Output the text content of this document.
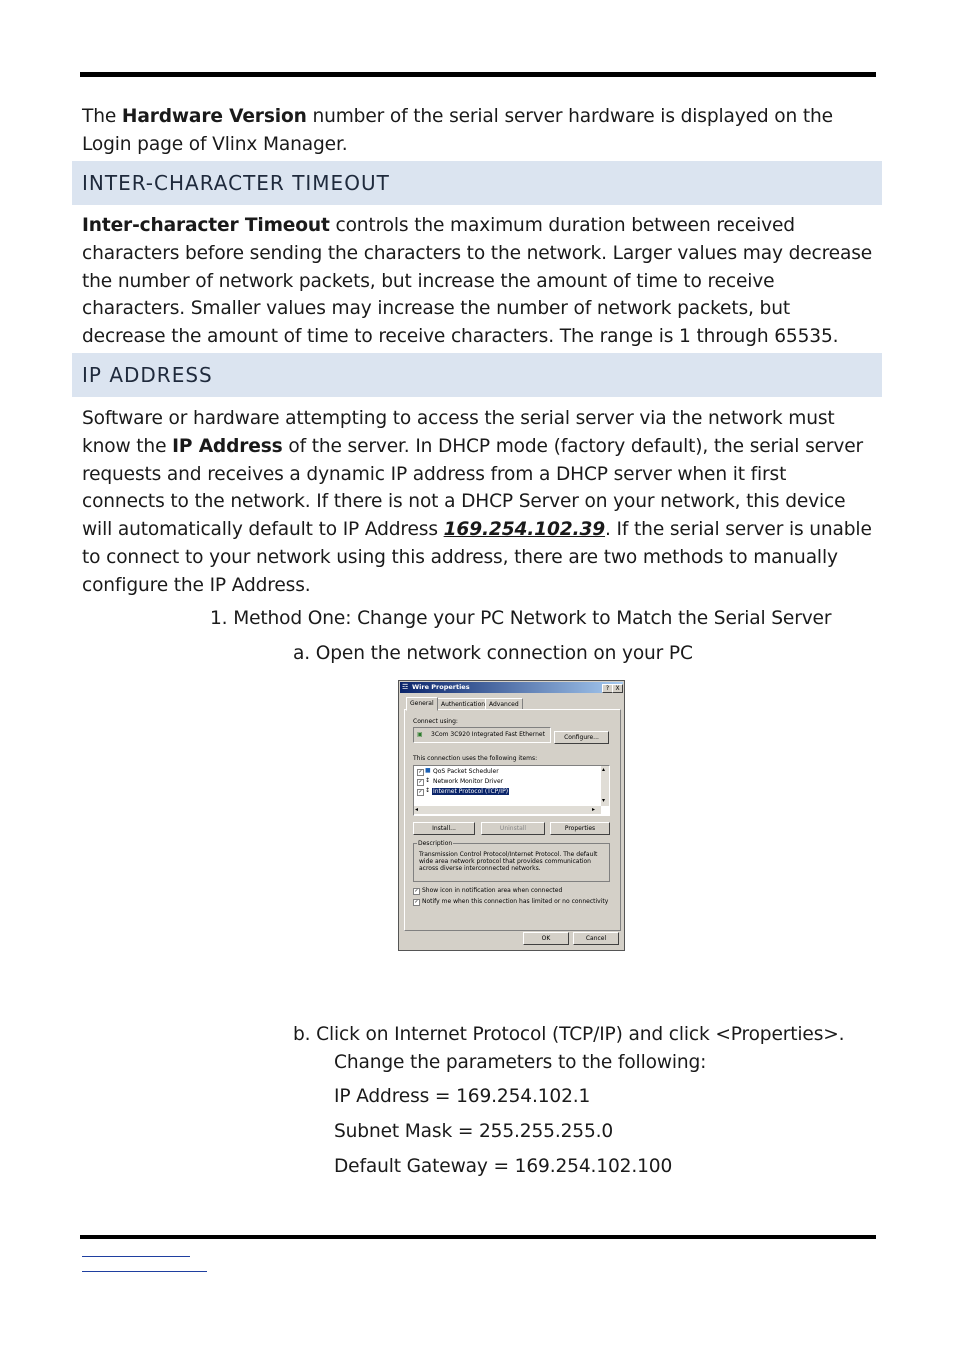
The Hardware Version number of the serial server hardware is displayed on the Login page of Vlinx Manager.
INTER-CHARACTER TIMEOUT
Inter-character Timeout controls the maximum duration between received characters before sending the characters to the network. Larger values may decrease the number of network packets, but increase the amount of time to receive characters. Smaller values may increase the number of network packets, but decrease the amount of time to receive characters. The range is 1 through 65535.
IP ADDRESS
Software or hardware attempting to access the serial server via the network must know the IP Address of the server. In DHCP mode (factory default), the serial server requests and receives a dynamic IP address from a DHCP server when it first connects to the network. If there is not a DHCP Server on your network, this device will automatically default to IP Address 169.254.102.39. If the serial server is unable to connect to your network using this address, there are two methods to manually configure the IP Address.
1. Method One: Change your PC Network to Match the Serial Server
a. Open the network connection on your PC
☲ Wire Properties	?	X
General	Authentication Advanced
Connect using:
▣ 3Com 3C920 Integrated Fast Ethernet	Configure...
This connection uses the following items:
✓ ■ QoS Packet Scheduler
✓ ↕ Network Monitor Driver
✓ ↕ Internet Protocol (TCP/IP)
▴
▾
◂	▸
Install...	Uninstall	Properties
Description
Transmission Control Protocol/Internet Protocol. The default wide area network protocol that provides communication across diverse interconnected networks.
✓ Show icon in notification area when connected
✓ Notify me when this connection has limited or no connectivity
OK	Cancel
b. Click on Internet Protocol (TCP/IP) and click <Properties>.
Change the parameters to the following:
IP Address = 169.254.102.1
Subnet Mask = 255.255.255.0
Default Gateway = 169.254.102.100
